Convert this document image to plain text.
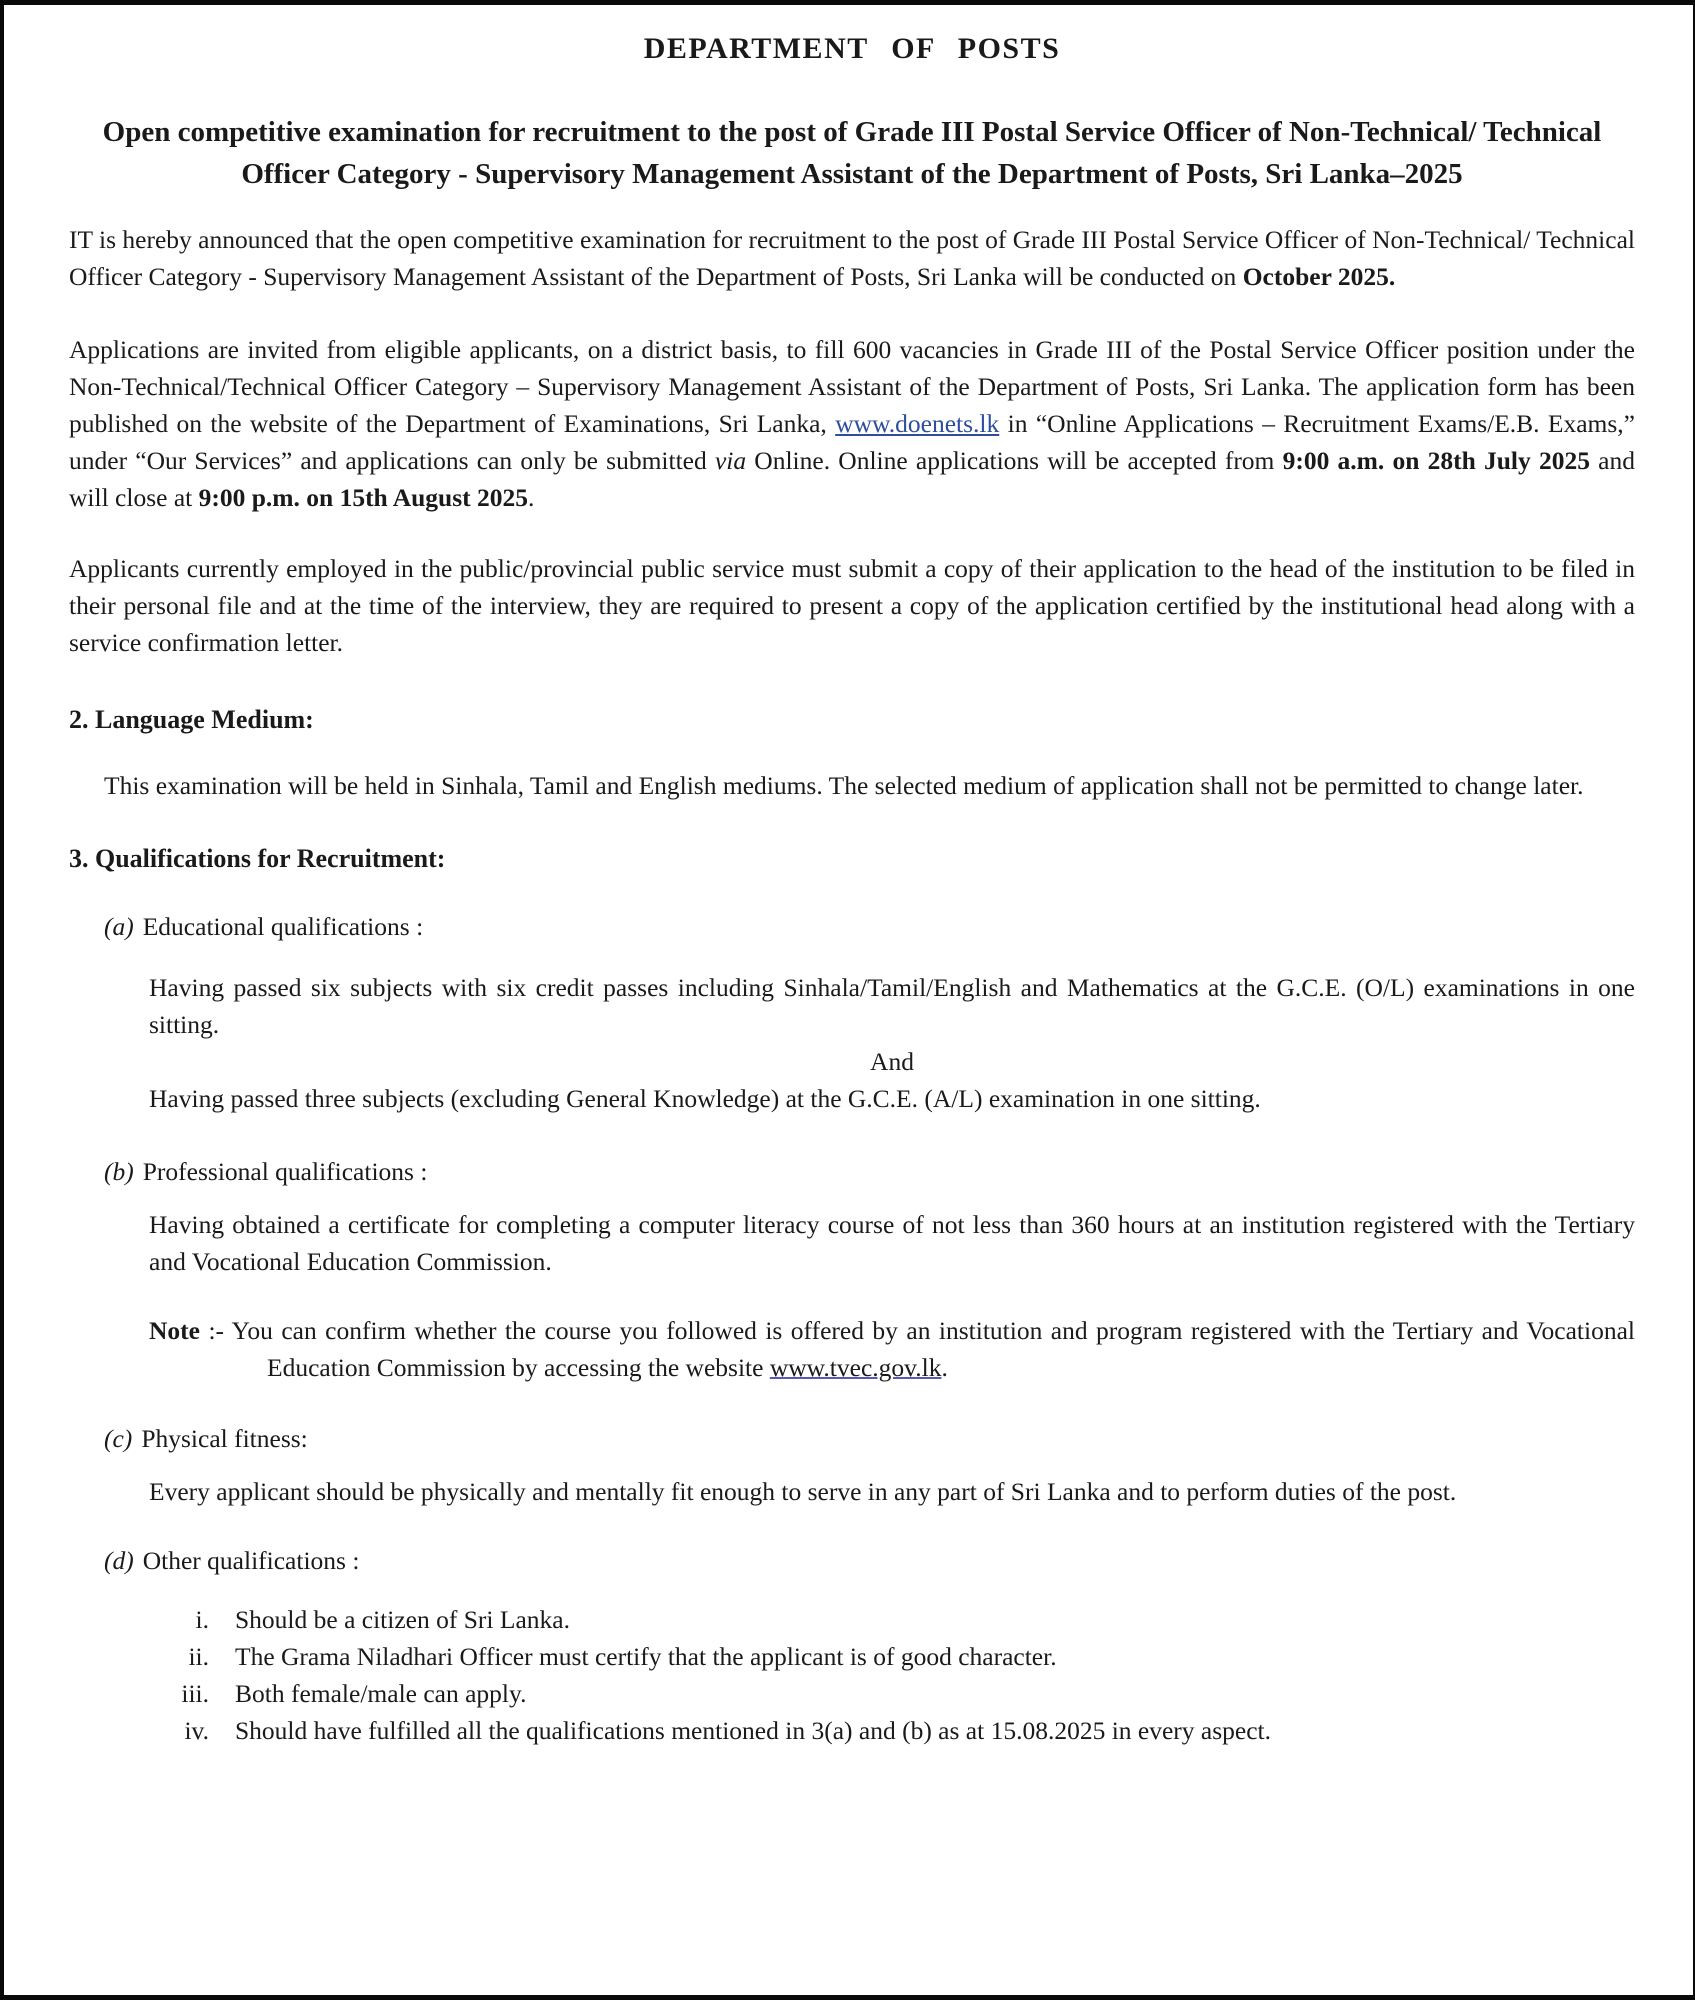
DEPARTMENT OF POSTS
Open competitive examination for recruitment to the post of Grade III Postal Service Officer of Non-Technical/ Technical Officer Category - Supervisory Management Assistant of the Department of Posts, Sri Lanka–2025

IT is hereby announced that the open competitive examination for recruitment to the post of Grade III Postal Service Officer of Non-Technical/ Technical Officer Category - Supervisory Management Assistant of the Department of Posts, Sri Lanka will be conducted on October 2025.

Applications are invited from eligible applicants, on a district basis, to fill 600 vacancies in Grade III of the Postal Service Officer position under the Non-Technical/Technical Officer Category – Supervisory Management Assistant of the Department of Posts, Sri Lanka. The application form has been published on the website of the Department of Examinations, Sri Lanka, www.doenets.lk in “Online Applications – Recruitment Exams/E.B. Exams,” under “Our Services” and applications can only be submitted via Online. Online applications will be accepted from 9:00 a.m. on 28th July 2025 and will close at 9:00 p.m. on 15th August 2025.

Applicants currently employed in the public/provincial public service must submit a copy of their application to the head of the institution to be filed in their personal file and at the time of the interview, they are required to present a copy of the application certified by the institutional head along with a service confirmation letter.

2. Language Medium:

This examination will be held in Sinhala, Tamil and English mediums. The selected medium of application shall not be permitted to change later.

3. Qualifications for Recruitment:
(a) Educational qualifications :

Having passed six subjects with six credit passes including Sinhala/Tamil/English and Mathematics at the G.C.E. (O/L) examinations in one sitting.

And

Having passed three subjects (excluding General Knowledge) at the G.C.E. (A/L) examination in one sitting.

(b) Professional qualifications :

Having obtained a certificate for completing a computer literacy course of not less than 360 hours at an institution registered with the Tertiary and Vocational Education Commission.

Note :- You can confirm whether the course you followed is offered by an institution and program registered with the Tertiary and Vocational Education Commission by accessing the website www.tvec.gov.lk.

(c) Physical fitness:

Every applicant should be physically and mentally fit enough to serve in any part of Sri Lanka and to perform duties of the post.

(d) Other qualifications :
i.	Should be a citizen of Sri Lanka.
ii.	The Grama Niladhari Officer must certify that the applicant is of good character.
iii.	Both female/male can apply.
iv.	Should have fulfilled all the qualifications mentioned in 3(a) and (b) as at 15.08.2025 in every aspect.
